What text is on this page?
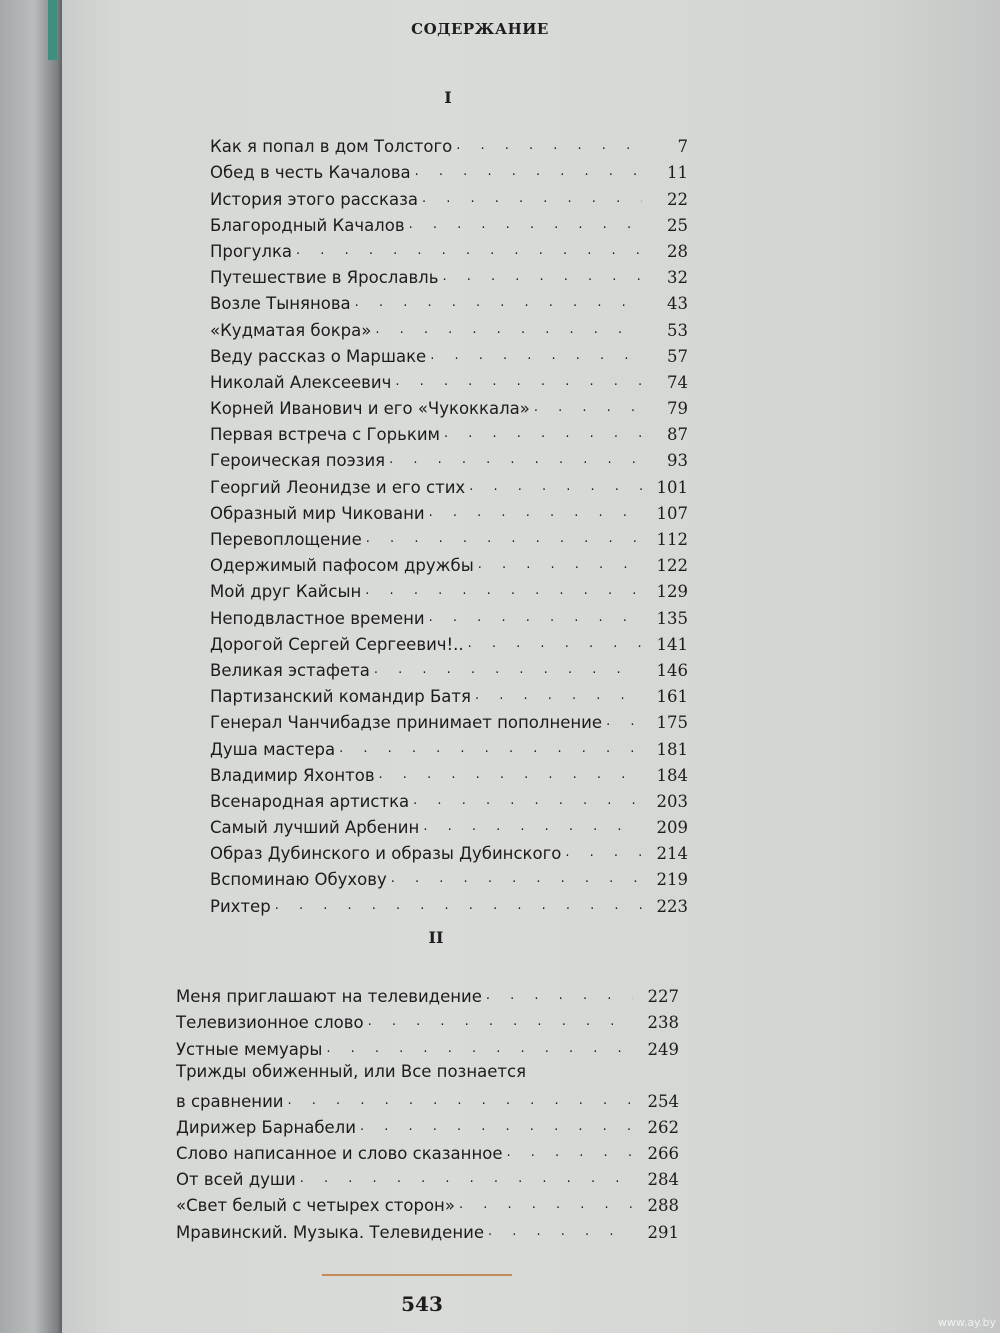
СОДЕРЖАНИЕ
I
Как я попал в дом Толстого . . .	7
Обед в честь Качалова . . .	11
История этого рассказа . . .	22
Благородный Качалов . . .	25
Прогулка . . .	28
Путешествие в Ярославль . . .	32
Возле Тынянова . . .	43
«Кудматая бокра» . . .	53
Веду рассказ о Маршаке . . .	57
Николай Алексеевич . . .	74
Корней Иванович и его «Чукоккала» . . .	79
Первая встреча с Горьким . . .	87
Героическая поэзия . . .	93
Георгий Леонидзе и его стих . . .	101
Образный мир Чиковани . . .	107
Перевоплощение . . .	112
Одержимый пафосом дружбы . . .	122
Мой друг Кайсын . . .	129
Неподвластное времени . . .	135
Дорогой Сергей Сергеевич!.. . . .	141
Великая эстафета . . .	146
Партизанский командир Батя . . .	161
Генерал Чанчибадзе принимает пополнение . . .	175
Душа мастера . . .	181
Владимир Яхонтов . . .	184
Всенародная артистка . . .	203
Самый лучший Арбенин . . .	209
Образ Дубинского и образы Дубинского . . .	214
Вспоминаю Обухову . . .	219
Рихтер . . .	223
II
Меня приглашают на телевидение . . .	227
Телевизионное слово . . .	238
Устные мемуары . . .	249
Трижды обиженный, или Все познается
в сравнении . . .	254
Дирижер Барнабели . . .	262
Слово написанное и слово сказанное . . .	266
От всей души . . .	284
«Свет белый с четырех сторон» . . .	288
Мравинский. Музыка. Телевидение . . .	291
543
www.ay.by
